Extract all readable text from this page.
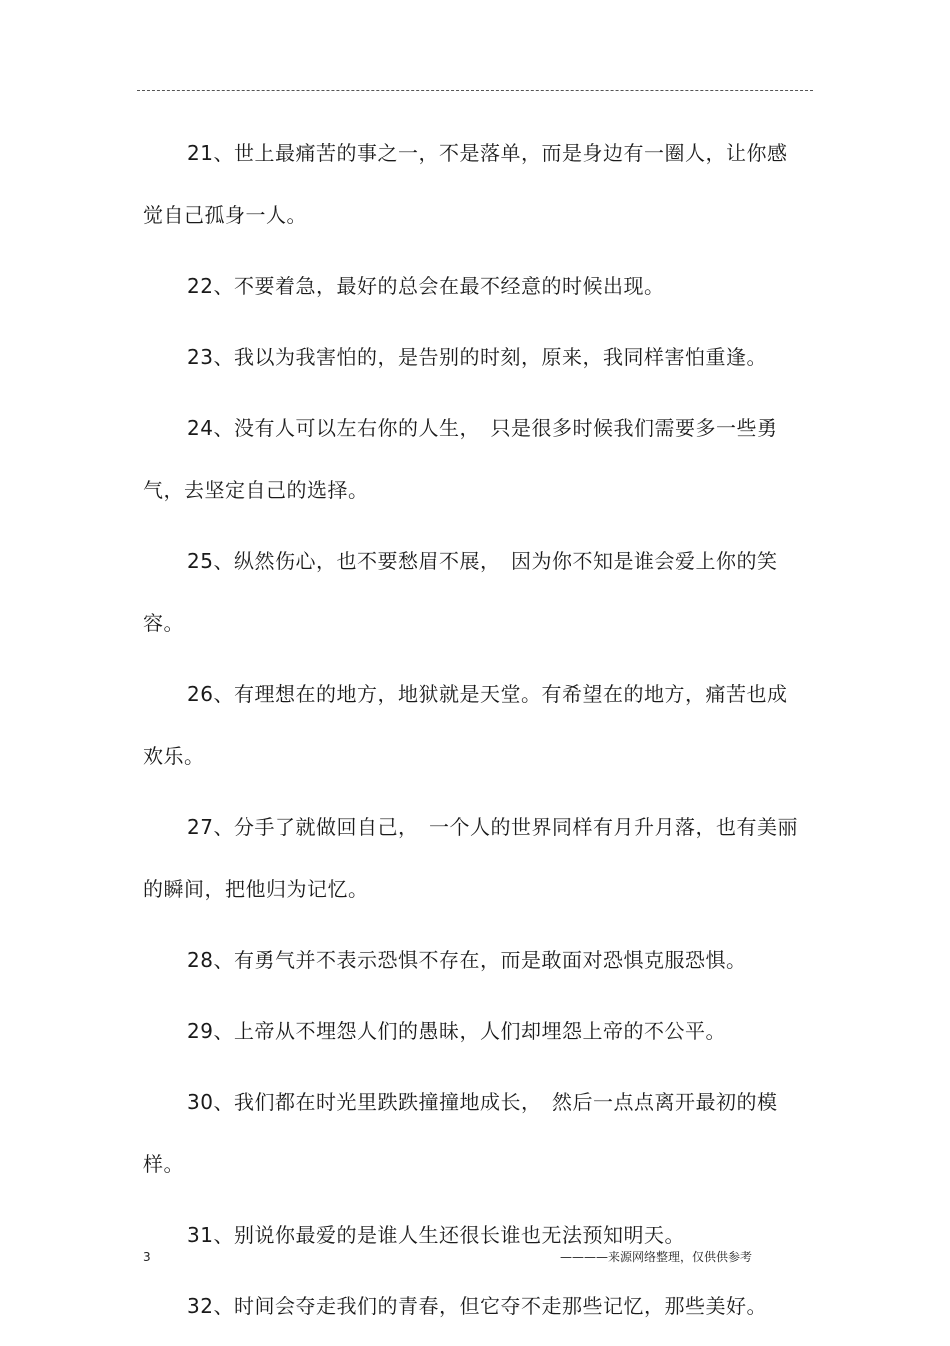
21、世上最痛苦的事之一，不是落单，而是身边有一圈人，让你感觉自己孤身一人。

22、不要着急，最好的总会在最不经意的时候出现。

23、我以为我害怕的，是告别的时刻，原来，我同样害怕重逢。

24、没有人可以左右你的人生，　只是很多时候我们需要多一些勇气，去坚定自己的选择。

25、纵然伤心，也不要愁眉不展，　因为你不知是谁会爱上你的笑容。

26、有理想在的地方，地狱就是天堂。有希望在的地方，痛苦也成欢乐。

27、分手了就做回自己，　一个人的世界同样有月升月落，也有美丽的瞬间，把他归为记忆。

28、有勇气并不表示恐惧不存在，而是敢面对恐惧克服恐惧。

29、上帝从不埋怨人们的愚昧，人们却埋怨上帝的不公平。

30、我们都在时光里跌跌撞撞地成长，　然后一点点离开最初的模样。

31、别说你最爱的是谁人生还很长谁也无法预知明天。

32、时间会夺走我们的青春，但它夺不走那些记忆，那些美好。

3	————来源网络整理，仅供供参考
